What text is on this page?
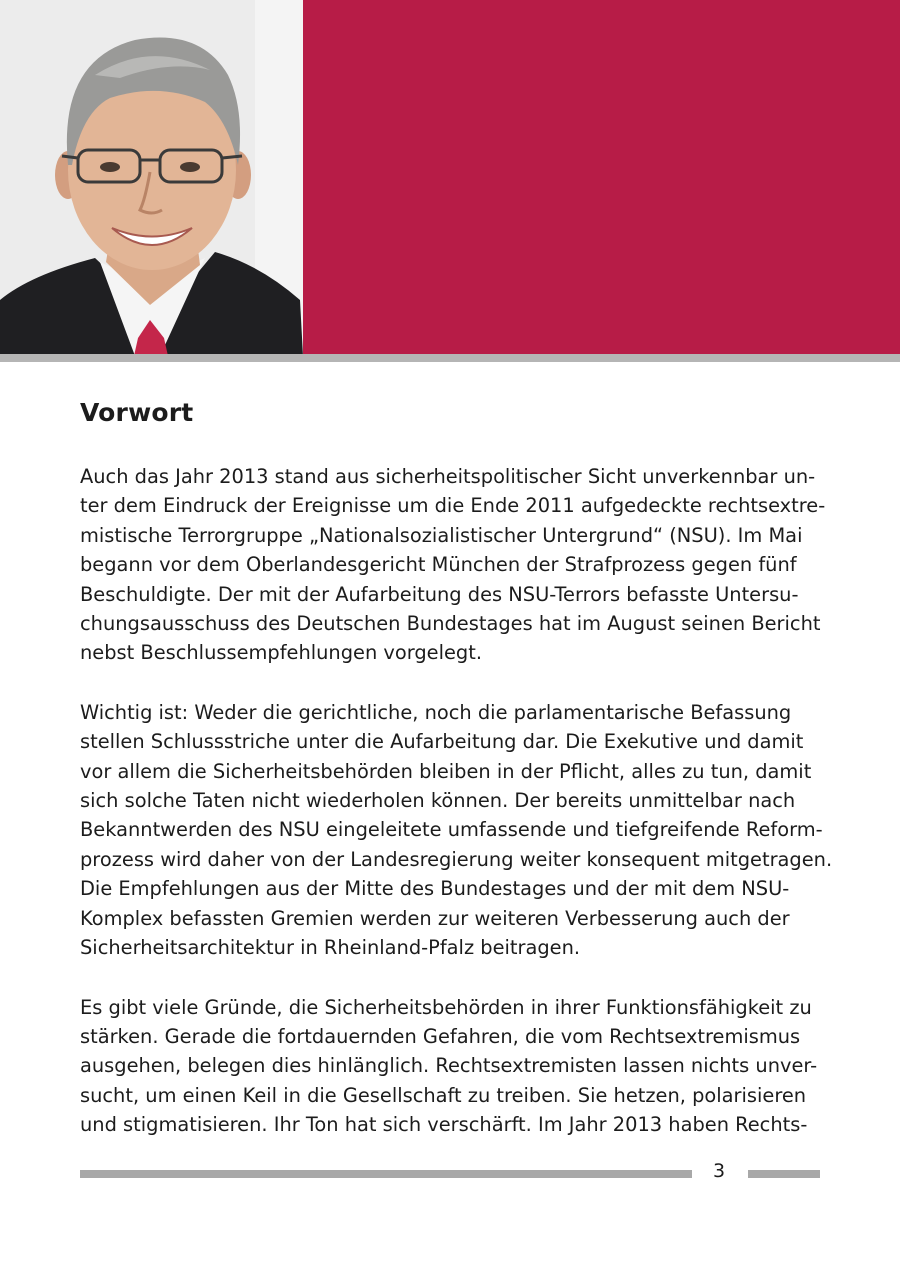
Vorwort

Auch das Jahr 2013 stand aus sicherheitspolitischer Sicht unverkennbar un-
ter dem Eindruck der Ereignisse um die Ende 2011 aufgedeckte rechtsextre-
mistische Terrorgruppe „Nationalsozialistischer Untergrund“ (NSU). Im Mai
begann vor dem Oberlandesgericht München der Strafprozess gegen fünf
Beschuldigte. Der mit der Aufarbeitung des NSU-Terrors befasste Untersu-
chungsausschuss des Deutschen Bundestages hat im August seinen Bericht
nebst Beschlussempfehlungen vorgelegt.

Wichtig ist: Weder die gerichtliche, noch die parlamentarische Befassung
stellen Schlussstriche unter die Aufarbeitung dar. Die Exekutive und damit
vor allem die Sicherheitsbehörden bleiben in der Pflicht, alles zu tun, damit
sich solche Taten nicht wiederholen können. Der bereits unmittelbar nach
Bekanntwerden des NSU eingeleitete umfassende und tiefgreifende Reform-
prozess wird daher von der Landesregierung weiter konsequent mitgetragen.
Die Empfehlungen aus der Mitte des Bundestages und der mit dem NSU-
Komplex befassten Gremien werden zur weiteren Verbesserung auch der
Sicherheitsarchitektur in Rheinland-Pfalz beitragen.

Es gibt viele Gründe, die Sicherheitsbehörden in ihrer Funktionsfähigkeit zu
stärken. Gerade die fortdauernden Gefahren, die vom Rechtsextremismus
ausgehen, belegen dies hinlänglich. Rechtsextremisten lassen nichts unver-
sucht, um einen Keil in die Gesellschaft zu treiben. Sie hetzen, polarisieren
und stigmatisieren. Ihr Ton hat sich verschärft. Im Jahr 2013 haben Rechts-

3
